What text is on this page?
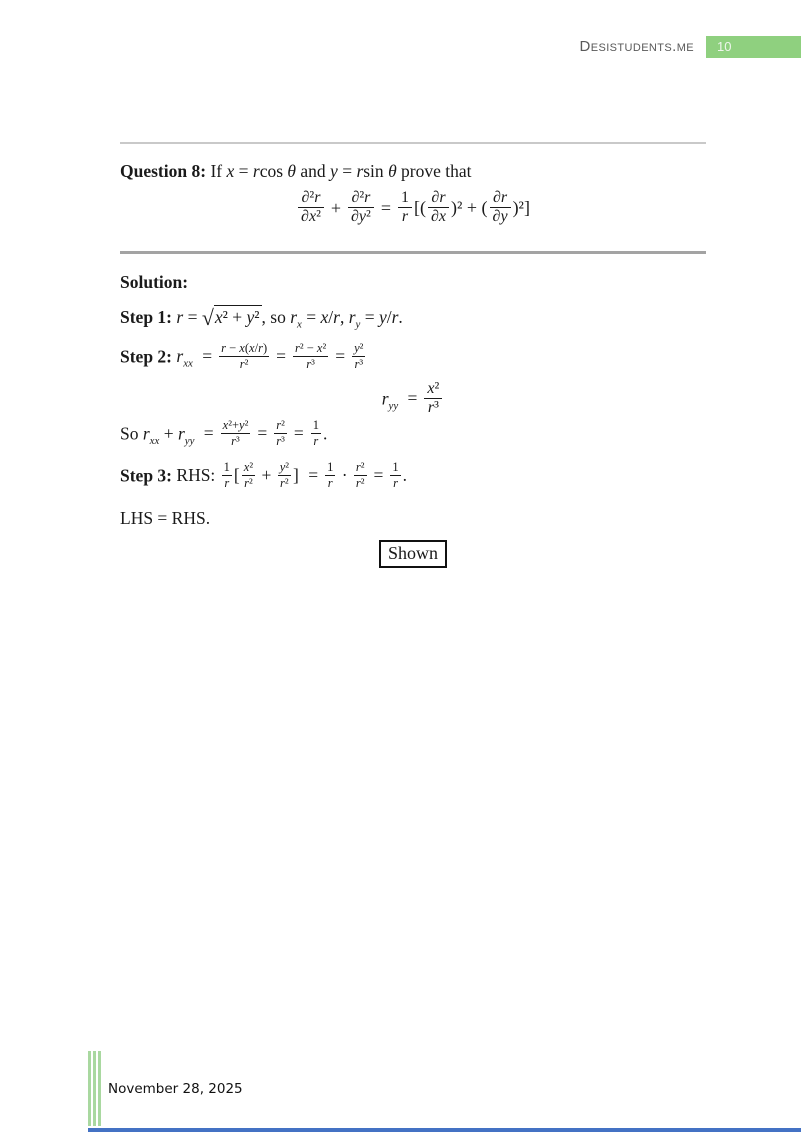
Desistudents.me	10
Question 8: If x = rcos θ and y = rsin θ prove that
$\frac{\text{∂²r}}{\text{∂x²}} + \frac{\text{∂²r}}{\text{∂y²}} = \frac{1}{r}$ [( $\frac{\partial r}{\partial x} )^2$ + ( $\frac{\partial r}{\partial y} )^2$]
Solution:
Step 1: r = √x² + y² , so $r_x = x/r$, $r_y = y/r$.
Step 2: $r_{xx} = \frac{r - x(x/r)}{\text{r²}} = \frac{\text{r² − x²}}{\text{r³}} = \frac{\text{y²}}{\text{r³}}$
$r_{yy} = \frac{\text{x²}}{\text{r³}}$
So $r_{xx} + r_{yy} = \frac{\text{x²+y²}}{\text{r³}} = \frac{\text{r²}}{\text{r³}} = \frac{1}{r}$ .
Step 3: RHS: $\frac{1}{r}$ [ $\frac{\text{x²}}{\text{r²}} + \frac{\text{y²}}{\text{r²}}$ ] = $\frac{1}{r} \cdot \frac{\text{r²}}{\text{r²}} = \frac{1}{r}$ .
LHS = RHS.
Shown
November 28, 2025
